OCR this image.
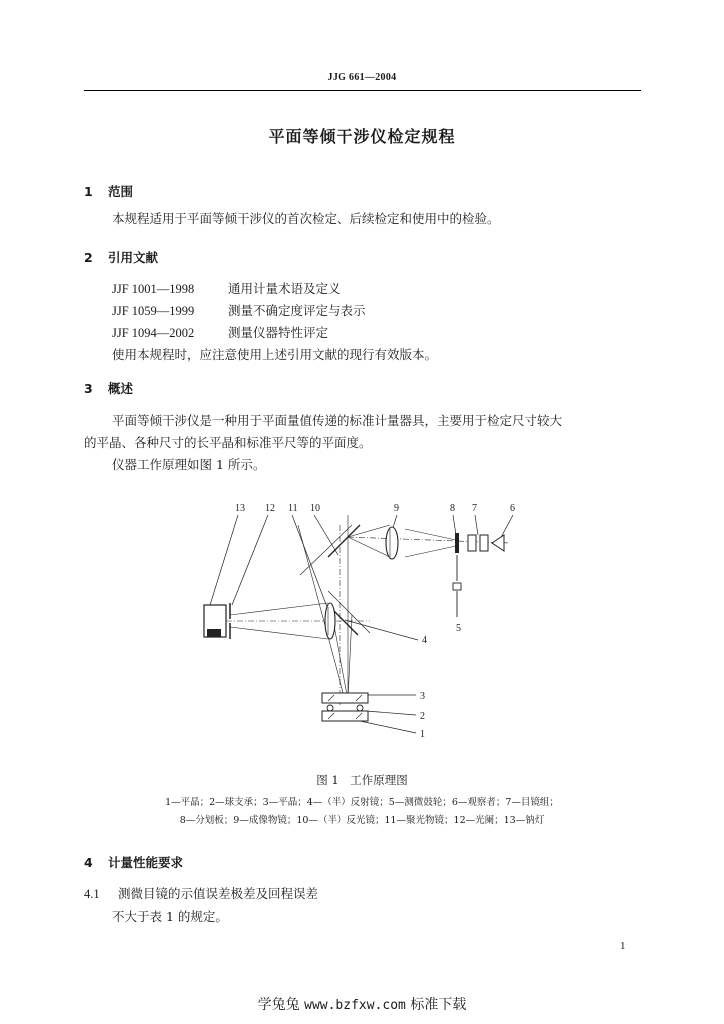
JJG 661—2004
平面等倾干涉仪检定规程
1 范围
本规程适用于平面等倾干涉仪的首次检定、后续检定和使用中的检验。
2 引用文献
JJF 1001—1998	通用计量术语及定义
JJF 1059—1999	测量不确定度评定与表示
JJF 1094—2002	测量仪器特性评定
使用本规程时，应注意使用上述引用文献的现行有效版本。
3 概述
平面等倾干涉仪是一种用于平面量值传递的标准计量器具，主要用于检定尺寸较大
的平晶、各种尺寸的长平晶和标准平尺等的平面度。
仪器工作原理如图 1 所示。
13 12 11 10	9	8 7	6
5
4
3
2
1
图 1　工作原理图
1—平晶；2—球支承；3—平晶；4—（半）反射镜；5—测微鼓轮；6—观察者；7—目镜组；
8—分划板；9—成像物镜；10—（半）反光镜；11—聚光物镜；12—光阑；13—钠灯
4 计量性能要求
4.1 测微目镜的示值误差极差及回程误差
不大于表 1 的规定。
1
学兔兔 www.bzfxw.com 标准下载
